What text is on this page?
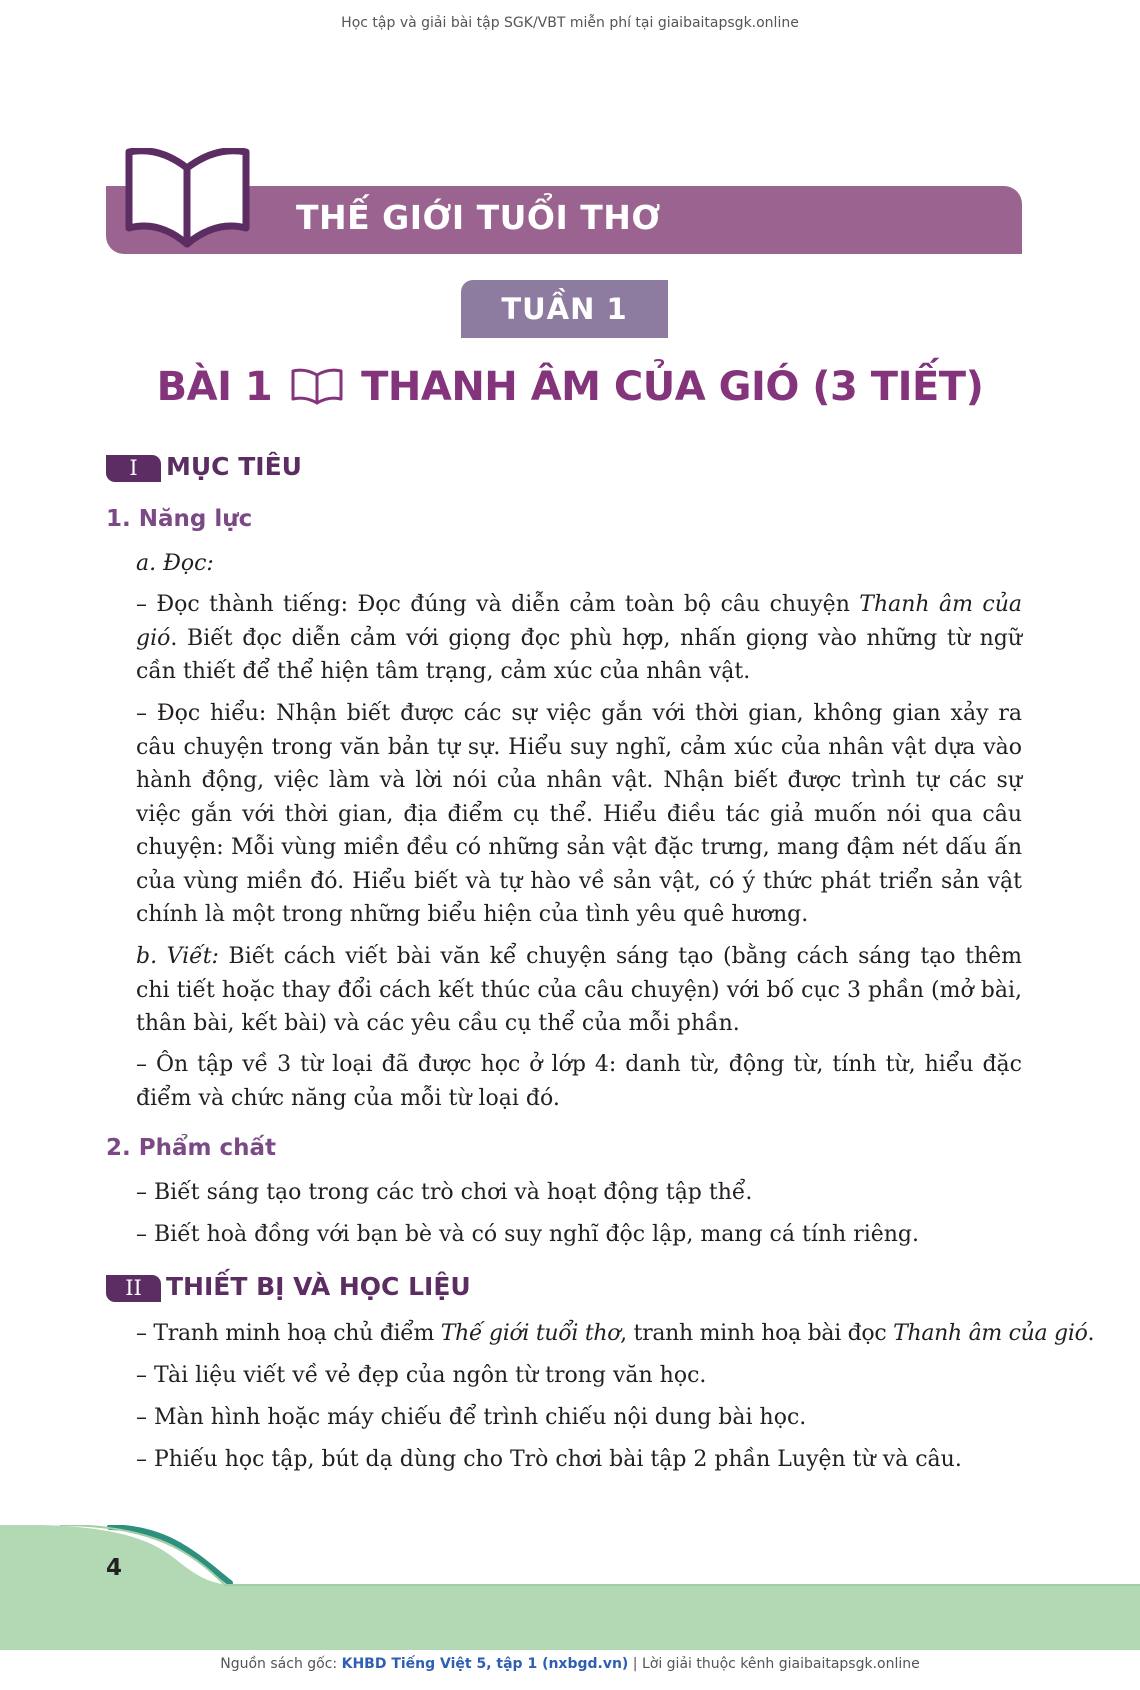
Học tập và giải bài tập SGK/VBT miễn phí tại giaibaitapsgk.online
THẾ GIỚI TUỔI THƠ
TUẦN 1
BÀI 1 THANH ÂM CỦA GIÓ (3 TIẾT)
I	MỤC TIÊU
1. Năng lực
a. Đọc:
– Đọc thành tiếng: Đọc đúng và diễn cảm toàn bộ câu chuyện Thanh âm của gió. Biết đọc diễn cảm với giọng đọc phù hợp, nhấn giọng vào những từ ngữ cần thiết để thể hiện tâm trạng, cảm xúc của nhân vật.
– Đọc hiểu: Nhận biết được các sự việc gắn với thời gian, không gian xảy ra câu chuyện trong văn bản tự sự. Hiểu suy nghĩ, cảm xúc của nhân vật dựa vào hành động, việc làm và lời nói của nhân vật. Nhận biết được trình tự các sự việc gắn với thời gian, địa điểm cụ thể. Hiểu điều tác giả muốn nói qua câu chuyện: Mỗi vùng miền đều có những sản vật đặc trưng, mang đậm nét dấu ấn của vùng miền đó. Hiểu biết và tự hào về sản vật, có ý thức phát triển sản vật chính là một trong những biểu hiện của tình yêu quê hương.
b. Viết: Biết cách viết bài văn kể chuyện sáng tạo (bằng cách sáng tạo thêm chi tiết hoặc thay đổi cách kết thúc của câu chuyện) với bố cục 3 phần (mở bài, thân bài, kết bài) và các yêu cầu cụ thể của mỗi phần.
– Ôn tập về 3 từ loại đã được học ở lớp 4: danh từ, động từ, tính từ, hiểu đặc điểm và chức năng của mỗi từ loại đó.
2. Phẩm chất
– Biết sáng tạo trong các trò chơi và hoạt động tập thể.
– Biết hoà đồng với bạn bè và có suy nghĩ độc lập, mang cá tính riêng.
II THIẾT BỊ VÀ HỌC LIỆU
– Tranh minh hoạ chủ điểm Thế giới tuổi thơ, tranh minh hoạ bài đọc Thanh âm của gió.
– Tài liệu viết về vẻ đẹp của ngôn từ trong văn học.
– Màn hình hoặc máy chiếu để trình chiếu nội dung bài học.
– Phiếu học tập, bút dạ dùng cho Trò chơi bài tập 2 phần Luyện từ và câu.
4
Nguồn sách gốc: KHBD Tiếng Việt 5, tập 1 (nxbgd.vn) | Lời giải thuộc kênh giaibaitapsgk.online
